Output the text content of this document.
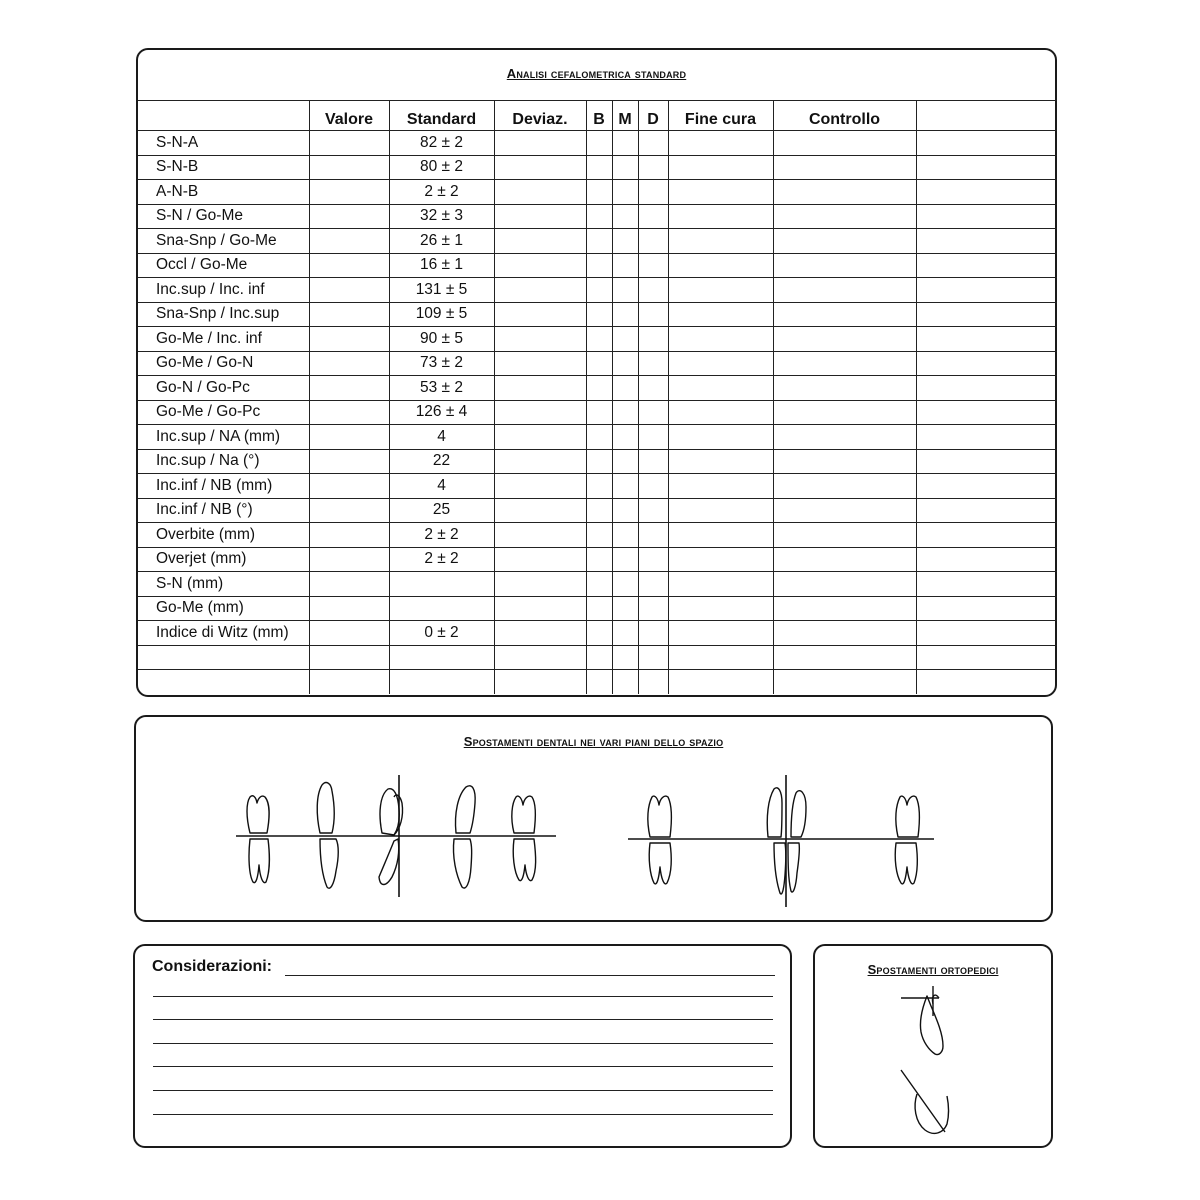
Analisi cefalometrica standard
	Valore	Standard	Deviaz.	B	M	D	Fine cura	Controllo	
S-N-A		82 ± 2							
S-N-B		80 ± 2							
A-N-B		2 ± 2							
S-N / Go-Me		32 ± 3							
Sna-Snp / Go-Me		26 ± 1							
Occl / Go-Me		16 ± 1							
Inc.sup / Inc. inf		131 ± 5							
Sna-Snp / Inc.sup		109 ± 5							
Go-Me / Inc. inf		90 ± 5							
Go-Me / Go-N		73 ± 2							
Go-N / Go-Pc		53 ± 2							
Go-Me / Go-Pc		126 ± 4							
Inc.sup / NA (mm)		4							
Inc.sup / Na (°)		22							
Inc.inf / NB (mm)		4							
Inc.inf / NB (°)		25							
Overbite (mm)		2 ± 2							
Overjet (mm)		2 ± 2							
S-N (mm)									
Go-Me (mm)									
Indice di Witz (mm)		0 ± 2							

Spostamenti dentali nei vari piani dello spazio
Considerazioni:	Spostamenti ortopedici
